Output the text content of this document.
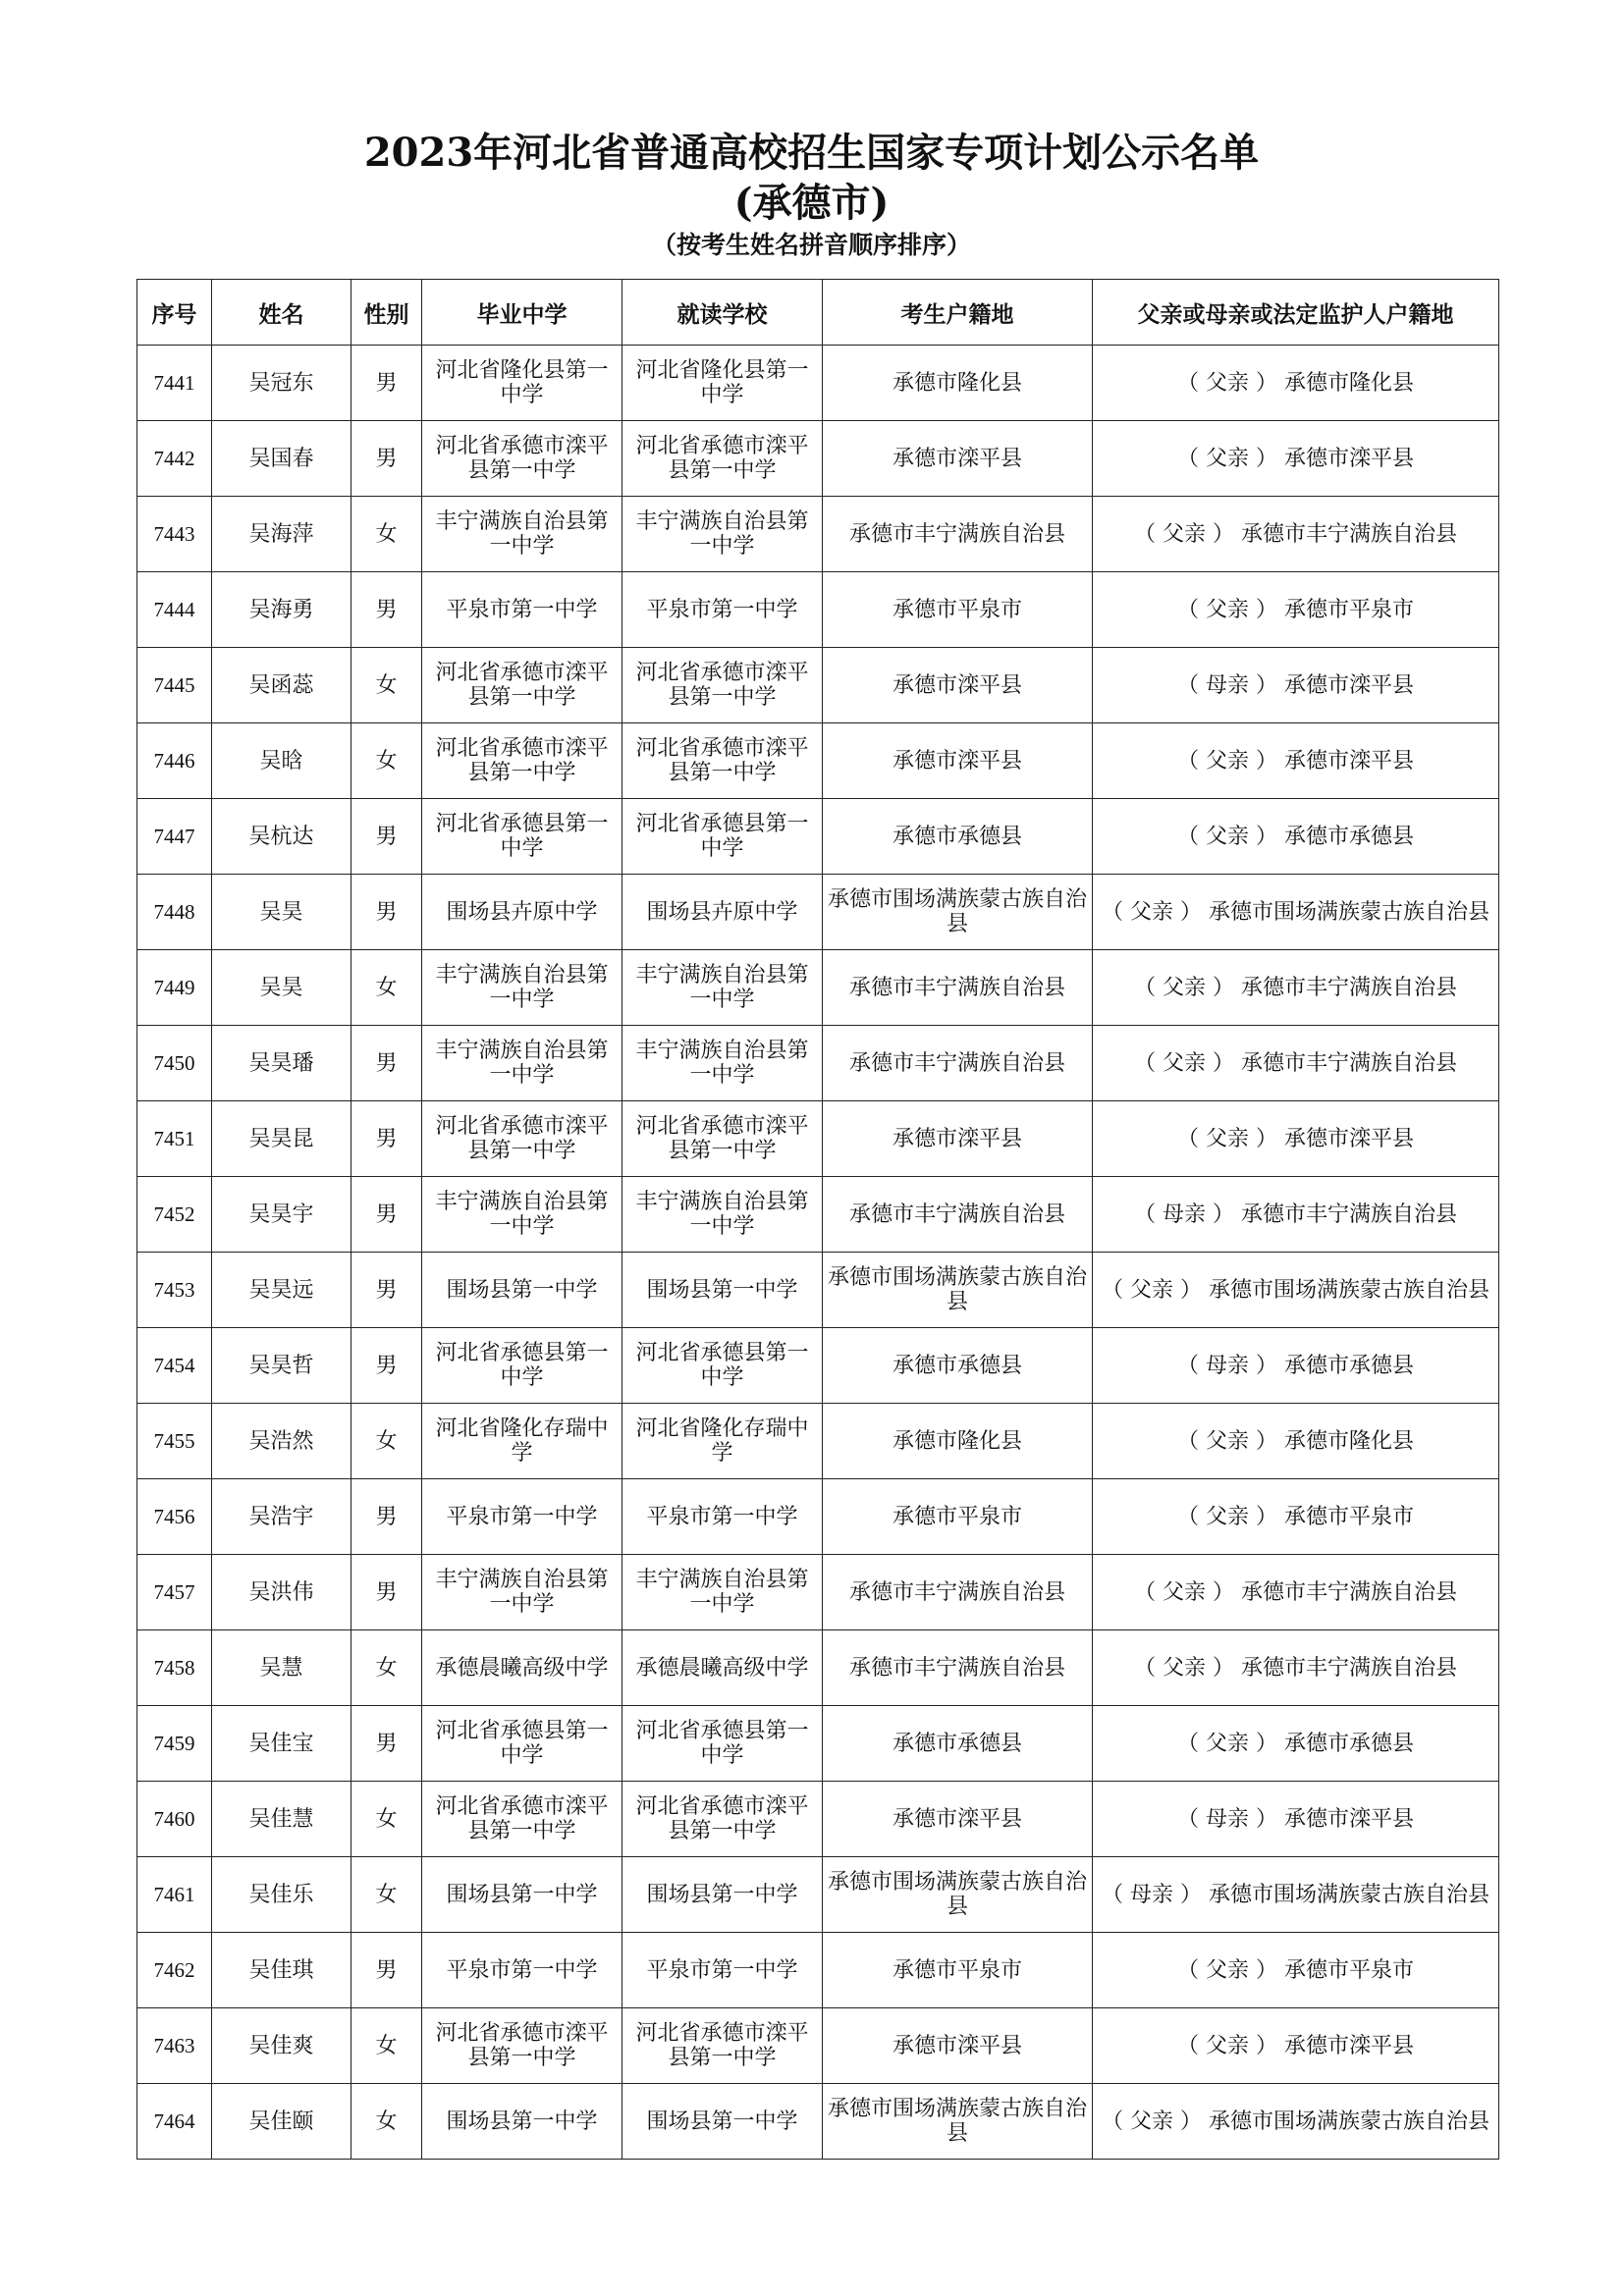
2023年河北省普通高校招生国家专项计划公示名单
(承德市)
（按考生姓名拼音顺序排序）
序号	姓名	性别	毕业中学	就读学校	考生户籍地	父亲或母亲或法定监护人户籍地
7441	吴冠东	男	河北省隆化县第一中学	河北省隆化县第一中学	承德市隆化县	（ 父亲 ） 承德市隆化县
7442	吴国春	男	河北省承德市滦平县第一中学	河北省承德市滦平县第一中学	承德市滦平县	（ 父亲 ） 承德市滦平县
7443	吴海萍	女	丰宁满族自治县第一中学	丰宁满族自治县第一中学	承德市丰宁满族自治县	（ 父亲 ） 承德市丰宁满族自治县
7444	吴海勇	男	平泉市第一中学	平泉市第一中学	承德市平泉市	（ 父亲 ） 承德市平泉市
7445	吴函蕊	女	河北省承德市滦平县第一中学	河北省承德市滦平县第一中学	承德市滦平县	（ 母亲 ） 承德市滦平县
7446	吴晗	女	河北省承德市滦平县第一中学	河北省承德市滦平县第一中学	承德市滦平县	（ 父亲 ） 承德市滦平县
7447	吴杭达	男	河北省承德县第一中学	河北省承德县第一中学	承德市承德县	（ 父亲 ） 承德市承德县
7448	吴昊	男	围场县卉原中学	围场县卉原中学	承德市围场满族蒙古族自治县	（ 父亲 ） 承德市围场满族蒙古族自治县
7449	吴昊	女	丰宁满族自治县第一中学	丰宁满族自治县第一中学	承德市丰宁满族自治县	（ 父亲 ） 承德市丰宁满族自治县
7450	吴昊璠	男	丰宁满族自治县第一中学	丰宁满族自治县第一中学	承德市丰宁满族自治县	（ 父亲 ） 承德市丰宁满族自治县
7451	吴昊昆	男	河北省承德市滦平县第一中学	河北省承德市滦平县第一中学	承德市滦平县	（ 父亲 ） 承德市滦平县
7452	吴昊宇	男	丰宁满族自治县第一中学	丰宁满族自治县第一中学	承德市丰宁满族自治县	（ 母亲 ） 承德市丰宁满族自治县
7453	吴昊远	男	围场县第一中学	围场县第一中学	承德市围场满族蒙古族自治县	（ 父亲 ） 承德市围场满族蒙古族自治县
7454	吴昊哲	男	河北省承德县第一中学	河北省承德县第一中学	承德市承德县	（ 母亲 ） 承德市承德县
7455	吴浩然	女	河北省隆化存瑞中学	河北省隆化存瑞中学	承德市隆化县	（ 父亲 ） 承德市隆化县
7456	吴浩宇	男	平泉市第一中学	平泉市第一中学	承德市平泉市	（ 父亲 ） 承德市平泉市
7457	吴洪伟	男	丰宁满族自治县第一中学	丰宁满族自治县第一中学	承德市丰宁满族自治县	（ 父亲 ） 承德市丰宁满族自治县
7458	吴慧	女	承德晨曦高级中学	承德晨曦高级中学	承德市丰宁满族自治县	（ 父亲 ） 承德市丰宁满族自治县
7459	吴佳宝	男	河北省承德县第一中学	河北省承德县第一中学	承德市承德县	（ 父亲 ） 承德市承德县
7460	吴佳慧	女	河北省承德市滦平县第一中学	河北省承德市滦平县第一中学	承德市滦平县	（ 母亲 ） 承德市滦平县
7461	吴佳乐	女	围场县第一中学	围场县第一中学	承德市围场满族蒙古族自治县	（ 母亲 ） 承德市围场满族蒙古族自治县
7462	吴佳琪	男	平泉市第一中学	平泉市第一中学	承德市平泉市	（ 父亲 ） 承德市平泉市
7463	吴佳爽	女	河北省承德市滦平县第一中学	河北省承德市滦平县第一中学	承德市滦平县	（ 父亲 ） 承德市滦平县
7464	吴佳颐	女	围场县第一中学	围场县第一中学	承德市围场满族蒙古族自治县	（ 父亲 ） 承德市围场满族蒙古族自治县
